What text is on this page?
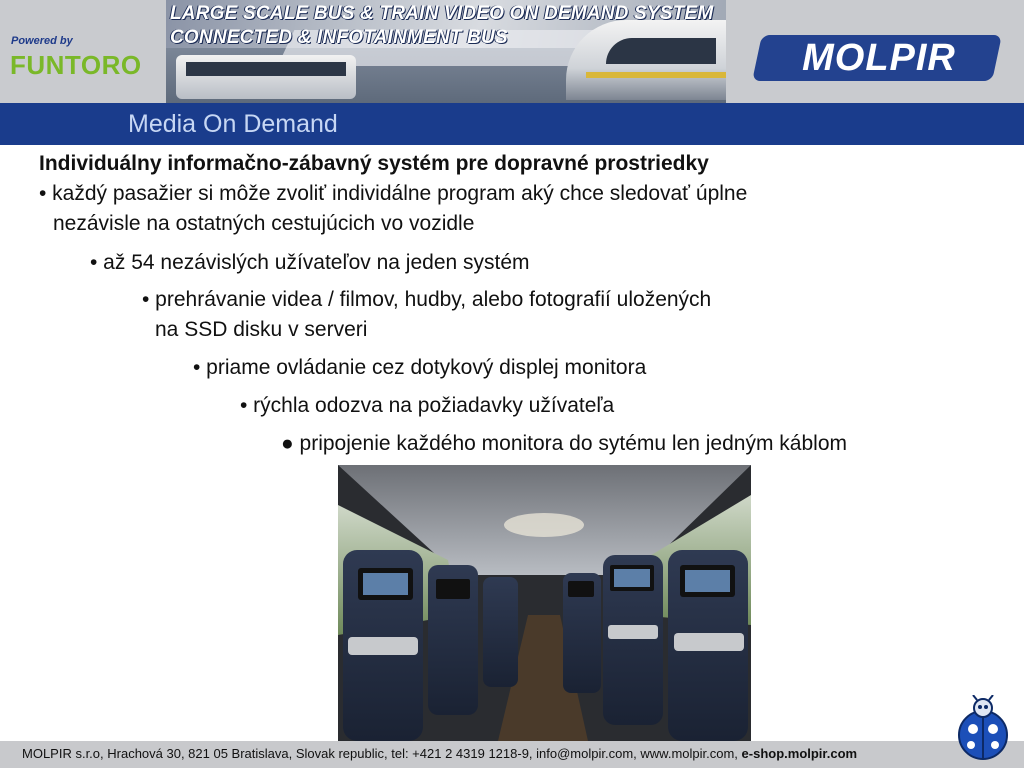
Powered by
FUNTORO
LARGE SCALE BUS & TRAIN VIDEO ON DEMAND SYSTEM
CONNECTED & INFOTAINMENT BUS	MOLPIR
Media On Demand
Individuálny informačno-zábavný systém pre dopravné prostriedky
• každý pasažier si môže zvoliť individálne program aký chce sledovať úplne
nezávisle na ostatných cestujúcich vo vozidle
• až 54 nezávislých užívateľov na jeden systém
• prehrávanie videa / filmov, hudby, alebo fotografií uložených
na SSD disku v serveri
• priame ovládanie cez dotykový displej monitora
• rýchla odozva na požiadavky užívateľa
● pripojenie každého monitora do sytému len jedným káblom
MOLPIR s.r.o, Hrachová 30, 821 05 Bratislava, Slovak republic, tel: +421 2 4319 1218-9, info@molpir.com, www.molpir.com, e-shop.molpir.com
